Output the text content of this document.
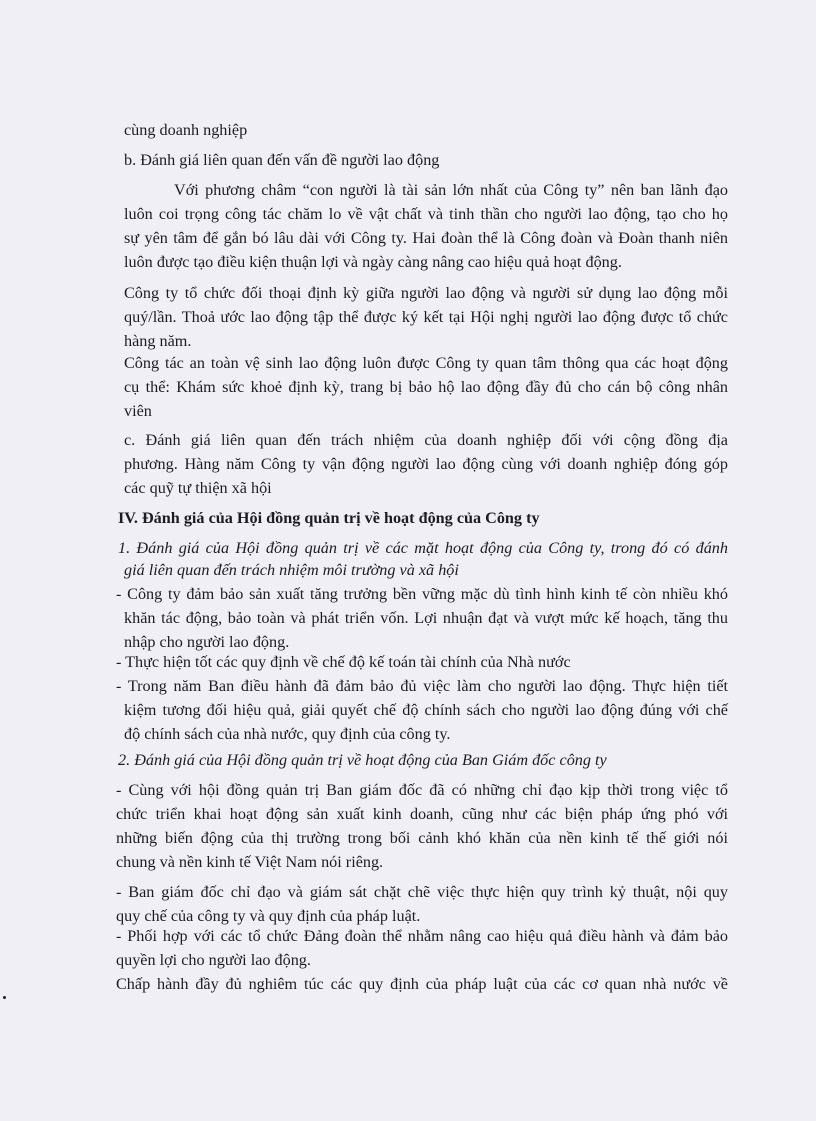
cùng doanh nghiệp
b. Đánh giá liên quan đến vấn đề người lao động
Với phương châm “con người là tài sản lớn nhất của Công ty” nên ban lãnh đạo
luôn coi trọng công tác chăm lo về vật chất và tinh thần cho người lao động, tạo cho họ
sự yên tâm để gắn bó lâu dài với Công ty. Hai đoàn thể là Công đoàn và Đoàn thanh niên
luôn được tạo điều kiện thuận lợi và ngày càng nâng cao hiệu quả hoạt động.
Công ty tổ chức đối thoại định kỳ giữa người lao động và người sử dụng lao động mỗi
quý/lần. Thoả ước lao động tập thể được ký kết tại Hội nghị người lao động được tổ chức
hàng năm.
Công tác an toàn vệ sinh lao động luôn được Công ty quan tâm thông qua các hoạt động
cụ thể: Khám sức khoẻ định kỳ, trang bị bảo hộ lao động đầy đủ cho cán bộ công nhân
viên
c. Đánh giá liên quan đến trách nhiệm của doanh nghiệp đối với cộng đồng địa
phương. Hàng năm Công ty vận động người lao động cùng với doanh nghiệp đóng góp
các quỹ tự thiện xã hội
IV. Đánh giá của Hội đồng quản trị về hoạt động của Công ty
1. Đánh giá của Hội đồng quản trị về các mặt hoạt động của Công ty, trong đó có đánh
giá liên quan đến trách nhiệm môi trường và xã hội
- Công ty đảm bảo sản xuất tăng trưởng bền vững mặc dù tình hình kinh tế còn nhiều khó
khăn tác động, bảo toàn và phát triển vốn. Lợi nhuận đạt và vượt mức kế hoạch, tăng thu
nhập cho người lao động.
- Thực hiện tốt các quy định về chế độ kế toán tài chính của Nhà nước
- Trong năm Ban điều hành đã đảm bảo đủ việc làm cho người lao động. Thực hiện tiết
kiệm tương đối hiệu quả, giải quyết chế độ chính sách cho người lao động đúng với chế
độ chính sách của nhà nước, quy định của công ty.
2. Đánh giá của Hội đồng quản trị về hoạt động của Ban Giám đốc công ty
- Cùng với hội đồng quản trị Ban giám đốc đã có những chỉ đạo kịp thời trong việc tổ
chức triển khai hoạt động sản xuất kinh doanh, cũng như các biện pháp ứng phó với
những biến động của thị trường trong bối cảnh khó khăn của nền kinh tế thế giới nói
chung và nền kinh tế Việt Nam nói riêng.
- Ban giám đốc chỉ đạo và giám sát chặt chẽ việc thực hiện quy trình kỷ thuật, nội quy
quy chế của công ty và quy định của pháp luật.
- Phối hợp với các tổ chức Đảng đoàn thể nhằm nâng cao hiệu quả điều hành và đảm bảo
quyền lợi cho người lao động.
Chấp hành đầy đủ nghiêm túc các quy định của pháp luật của các cơ quan nhà nước về
